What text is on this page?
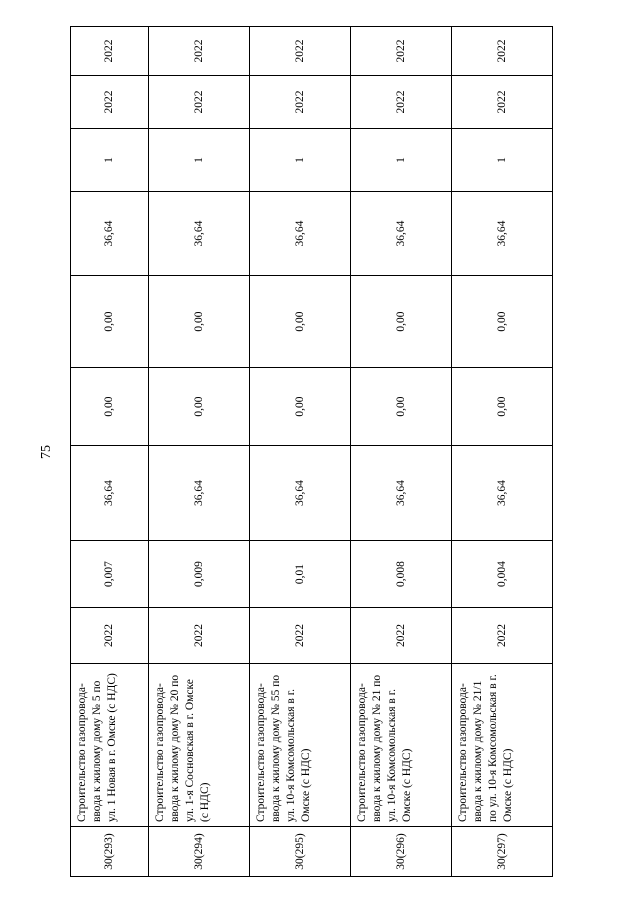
75
30(293)	Строительство газопровода-ввода к жилому дому № 5 по ул. 1 Новая в г. Омске (с НДС)	2022	0,007	36,64	0,00	0,00	36,64	1	2022	2022
30(294)	Строительство газопровода-ввода к жилому дому № 20 по ул. 1-я Сосновская в г. Омске (с НДС)	2022	0,009	36,64	0,00	0,00	36,64	1	2022	2022
30(295)	Строительство газопровода-ввода к жилому дому № 55 по ул. 10-я Комсомольская в г. Омске (с НДС)	2022	0,01	36,64	0,00	0,00	36,64	1	2022	2022
30(296)	Строительство газопровода-ввода к жилому дому № 21 по ул. 10-я Комсомольская в г. Омске (с НДС)	2022	0,008	36,64	0,00	0,00	36,64	1	2022	2022
30(297)	Строительство газопровода-ввода к жилому дому № 21/1 по ул. 10-я Комсомольская в г. Омске (с НДС)	2022	0,004	36,64	0,00	0,00	36,64	1	2022	2022
